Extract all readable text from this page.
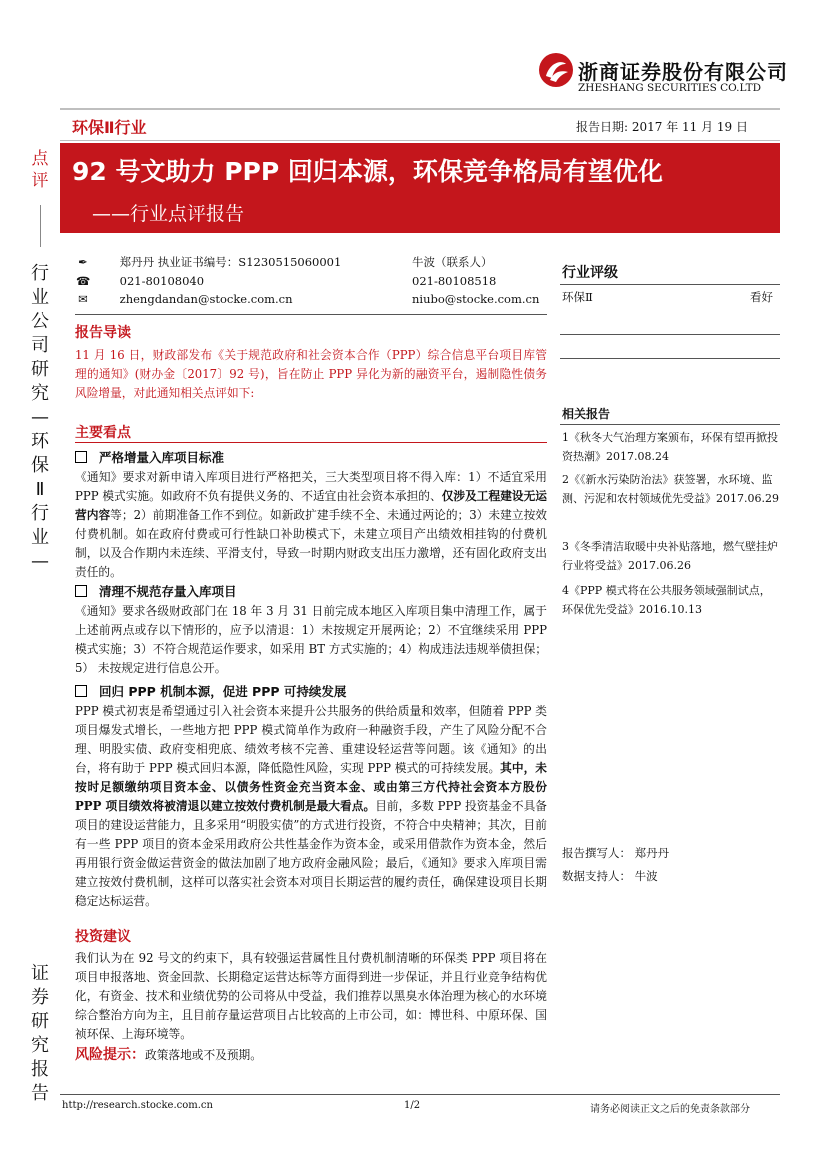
浙商证券股份有限公司
ZHESHANG SECURITIES CO.LTD
环保Ⅱ行业	报告日期: 2017 年 11 月 19 日
92 号文助力 PPP 回归本源，环保竞争格局有望优化
——行业点评报告
点评
行业公司研究—环保Ⅱ行业—
证券研究报告
✒	郑丹丹 执业证书编号：S1230515060001	牛波（联系人）
☎	021-80108040	021-80108518
✉	zhengdandan@stocke.com.cn	niubo@stocke.com.cn
行业评级
环保Ⅱ	看好
相关报告
1《秋冬大气治理方案颁布，环保有望再掀投资热潮》2017.08.24
2《《新水污染防治法》获签署，水环境、监测、污泥和农村领域优先受益》2017.06.29
3《冬季清洁取暖中央补贴落地，燃气壁挂炉行业将受益》2017.06.26
4《PPP 模式将在公共服务领域强制试点，环保优先受益》2016.10.13
报告撰写人： 郑丹丹
数据支持人： 牛波
报告导读
11 月 16 日，财政部发布《关于规范政府和社会资本合作（PPP）综合信息平台项目库管理的通知》(财办金〔2017〕92 号)，旨在防止 PPP 异化为新的融资平台，遏制隐性债务风险增量，对此通知相关点评如下:
主要看点
严格增量入库项目标准
《通知》要求对新申请入库项目进行严格把关，三大类型项目将不得入库：1）不适宜采用 PPP 模式实施。如政府不负有提供义务的、不适宜由社会资本承担的、仅涉及工程建设无运营内容等；2）前期准备工作不到位。如新政扩建手续不全、未通过两论的；3）未建立按效付费机制。如在政府付费或可行性缺口补助模式下，未建立项目产出绩效相挂钩的付费机制，以及合作期内未连续、平滑支付，导致一时期内财政支出压力激增，还有固化政府支出责任的。
清理不规范存量入库项目
《通知》要求各级财政部门在 18 年 3 月 31 日前完成本地区入库项目集中清理工作，属于上述前两点或存以下情形的，应予以清退：1）未按规定开展两论；2）不宜继续采用 PPP 模式实施；3）不符合规范运作要求，如采用 BT 方式实施的；4）构成违法违规举债担保；5） 未按规定进行信息公开。
回归 PPP 机制本源，促进 PPP 可持续发展
PPP 模式初衷是希望通过引入社会资本来提升公共服务的供给质量和效率，但随着 PPP 类项目爆发式增长，一些地方把 PPP 模式简单作为政府一种融资手段，产生了风险分配不合理、明股实债、政府变相兜底、绩效考核不完善、重建设轻运营等问题。该《通知》的出台，将有助于 PPP 模式回归本源，降低隐性风险，实现 PPP 模式的可持续发展。其中，未按时足额缴纳项目资本金、以债务性资金充当资本金、或由第三方代持社会资本方股份 PPP 项目绩效将被清退以建立按效付费机制是最大看点。目前，多数 PPP 投资基金不具备项目的建设运营能力，且多采用“明股实债”的方式进行投资，不符合中央精神；其次，目前有一些 PPP 项目的资本金采用政府公共性基金作为资本金，或采用借款作为资本金，然后再用银行资金做运营资金的做法加剧了地方政府金融风险；最后，《通知》要求入库项目需建立按效付费机制，这样可以落实社会资本对项目长期运营的履约责任，确保建设项目长期稳定达标运营。
投资建议
我们认为在 92 号文的约束下，具有较强运营属性且付费机制清晰的环保类 PPP 项目将在项目申报落地、资金回款、长期稳定运营达标等方面得到进一步保证，并且行业竞争结构优化，有资金、技术和业绩优势的公司将从中受益，我们推荐以黑臭水体治理为核心的水环境综合整治方向为主，且目前存量运营项目占比较高的上市公司，如：博世科、中原环保、国祯环保、上海环境等。
风险提示：政策落地或不及预期。
http://research.stocke.com.cn	1/2	请务必阅读正文之后的免责条款部分
